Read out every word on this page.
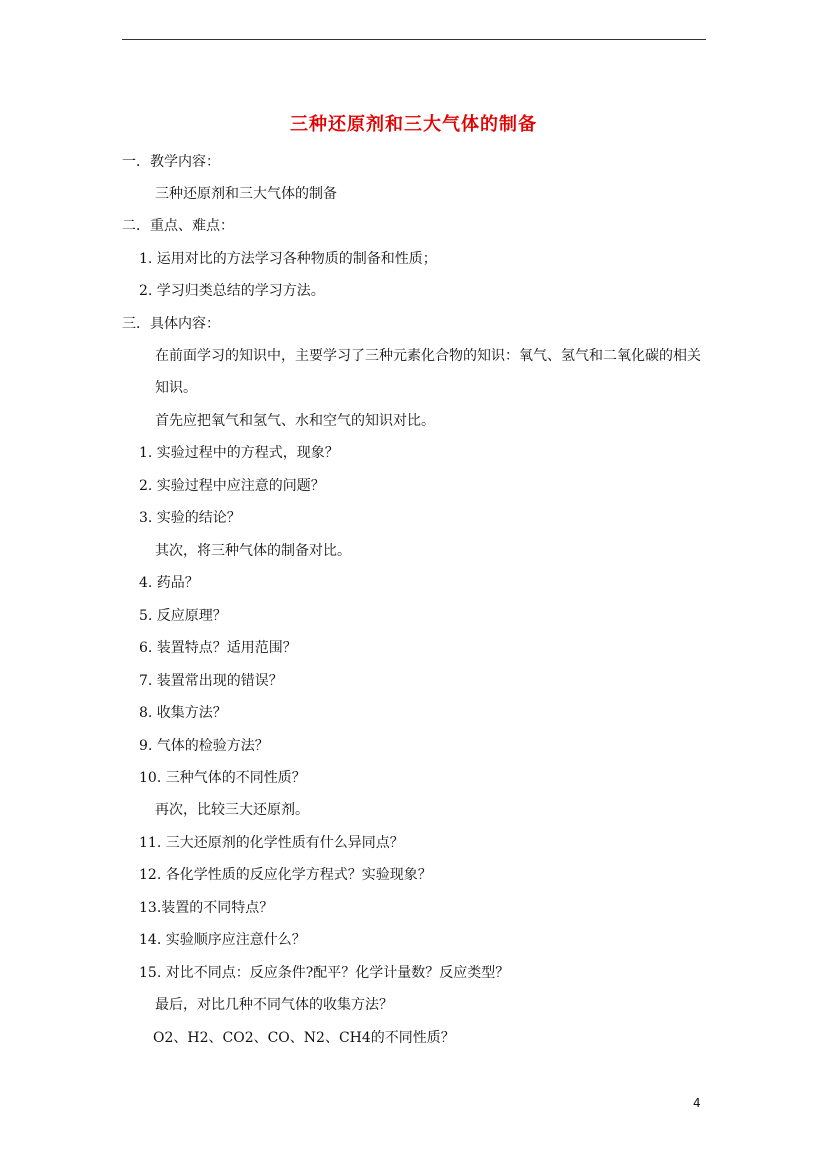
三种还原剂和三大气体的制备
一．教学内容：
三种还原剂和三大气体的制备
二．重点、难点：
1. 运用对比的方法学习各种物质的制备和性质；
2. 学习归类总结的学习方法。
三．具体内容：
在前面学习的知识中，主要学习了三种元素化合物的知识：氧气、氢气和二氧化碳的相关知识。
首先应把氧气和氢气、水和空气的知识对比。
1. 实验过程中的方程式，现象？
2. 实验过程中应注意的问题？
3. 实验的结论？
其次，将三种气体的制备对比。
4. 药品？
5. 反应原理？
6. 装置特点？适用范围？
7. 装置常出现的错误？
8. 收集方法？
9. 气体的检验方法？
10. 三种气体的不同性质？
再次，比较三大还原剂。
11. 三大还原剂的化学性质有什么异同点？
12. 各化学性质的反应化学方程式？实验现象？
13.装置的不同特点？
14. 实验顺序应注意什么？
15. 对比不同点：反应条件?配平？化学计量数？反应类型？
最后，对比几种不同气体的收集方法？
O2、H2、CO2、CO、N2、CH4的不同性质？
4
